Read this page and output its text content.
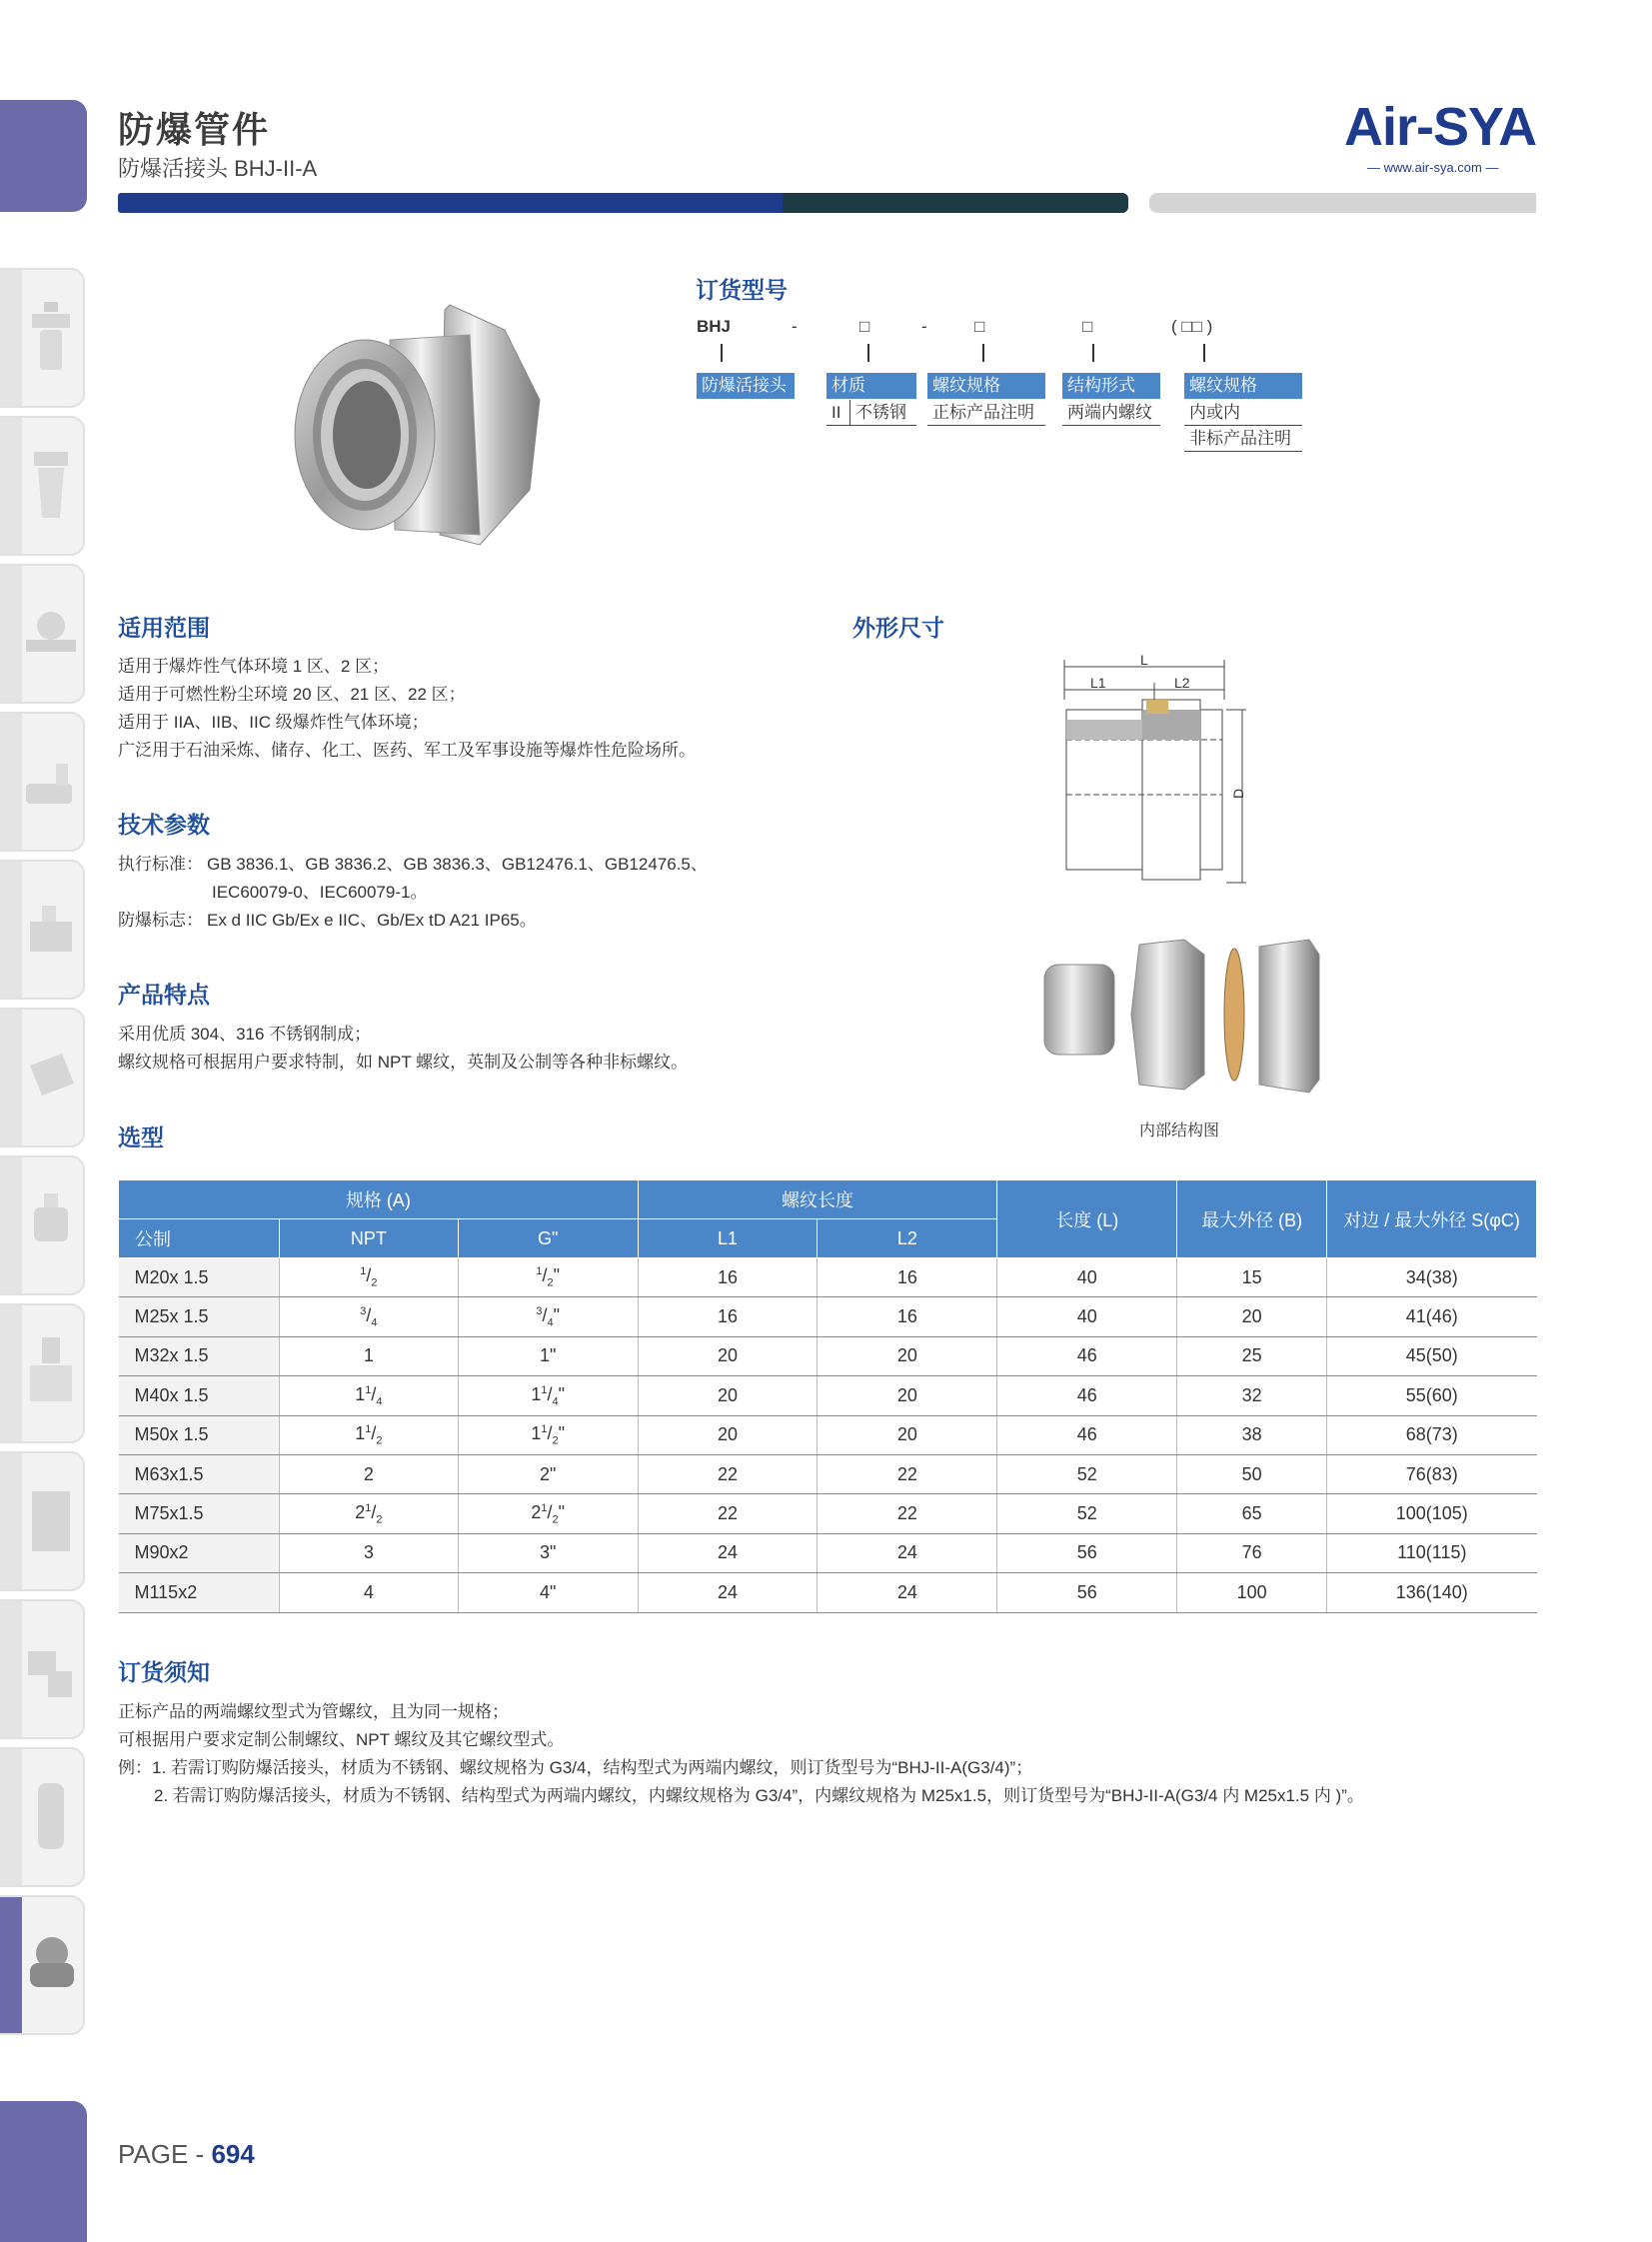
防爆管件
防爆活接头 BHJ-II-A
Air-SYA
— www.air-sya.com —
订货型号
BHJ	-	□	-	□	□	( □□ )
防爆活接头	材质	螺纹规格	结构形式	螺纹规格
II 不锈钢	正标产品注明	两端内螺纹	内或内
非标产品注明
适用范围
适用于爆炸性气体环境 1 区、2 区；
适用于可燃性粉尘环境 20 区、21 区、22 区；
适用于 IIA、IIB、IIC 级爆炸性气体环境；
广泛用于石油采炼、储存、化工、医药、军工及军事设施等爆炸性危险场所。
技术参数
执行标准： GB 3836.1、GB 3836.2、GB 3836.3、GB12476.1、GB12476.5、
IEC60079-0、IEC60079-1。
防爆标志： Ex d IIC Gb/Ex e IIC、Gb/Ex tD A21 IP65。
产品特点
采用优质 304、316 不锈钢制成；
螺纹规格可根据用户要求特制，如 NPT 螺纹，英制及公制等各种非标螺纹。
外形尺寸
L
L1	L2
D
内部结构图
选型
规格 (A)			螺纹长度		长度 (L)	最大外径 (B)	对边 / 最大外径 S(φC)
公制	NPT	G"	L1	L2			
M20x 1.5	$^1/_2$	$^1/_2$"	16	16	40	15	34(38)
M25x 1.5	$^3/_4$	$^3/_4$"	16	16	40	20	41(46)
M32x 1.5	1	1"	20	20	46	25	45(50)
M40x 1.5	$1^1/_4$	$1^1/_4$"	20	20	46	32	55(60)
M50x 1.5	$1^1/_2$	$1^1/_2$"	20	20	46	38	68(73)
M63x1.5	2	2"	22	22	52	50	76(83)
M75x1.5	$2^1/_2$	$2^1/_2$"	22	22	52	65	100(105)
M90x2	3	3"	24	24	56	76	110(115)
M115x2	4	4"	24	24	56	100	136(140)
订货须知
正标产品的两端螺纹型式为管螺纹，且为同一规格；
可根据用户要求定制公制螺纹、NPT 螺纹及其它螺纹型式。
例：1. 若需订购防爆活接头，材质为不锈钢、螺纹规格为 G3/4，结构型式为两端内螺纹，则订货型号为“BHJ-II-A(G3/4)”；
2. 若需订购防爆活接头，材质为不锈钢、结构型式为两端内螺纹，内螺纹规格为 G3/4”，内螺纹规格为 M25x1.5，则订货型号为“BHJ-II-A(G3/4 内 M25x1.5 内 )”。
PAGE - 694
